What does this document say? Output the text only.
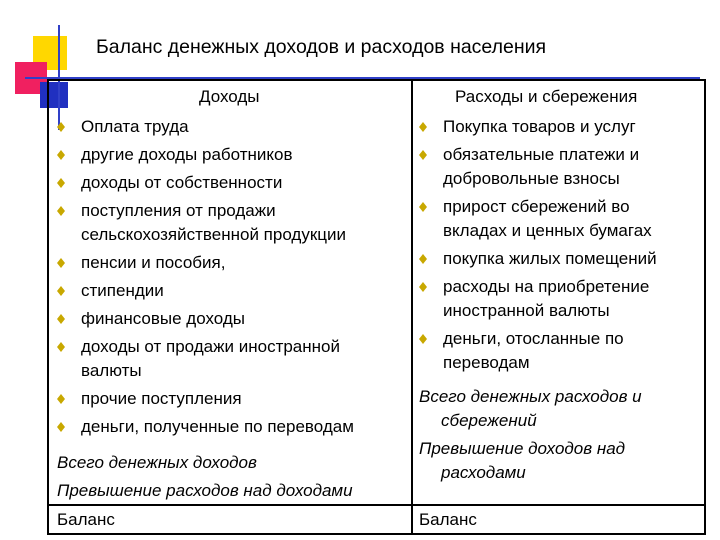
Баланс денежных доходов и расходов населения
Доходы
Оплата труда
другие доходы работников
доходы от собственности
поступления от продажи
сельскохозяйственной продукции
пенсии и пособия,
стипендии
финансовые доходы
доходы от продажи иностранной
валюты
прочие поступления
деньги, полученные по переводам
Всего денежных доходов
Превышение расходов над доходами
Расходы и сбережения
Покупка товаров и услуг
обязательные платежи и
добровольные взносы
прирост сбережений во
вкладах и ценных бумагах
покупка жилых помещений
расходы на приобретение
иностранной валюты
деньги, отосланные по
переводам
Всего денежных расходов и
сбережений
Превышение доходов над
расходами
Баланс	Баланс
